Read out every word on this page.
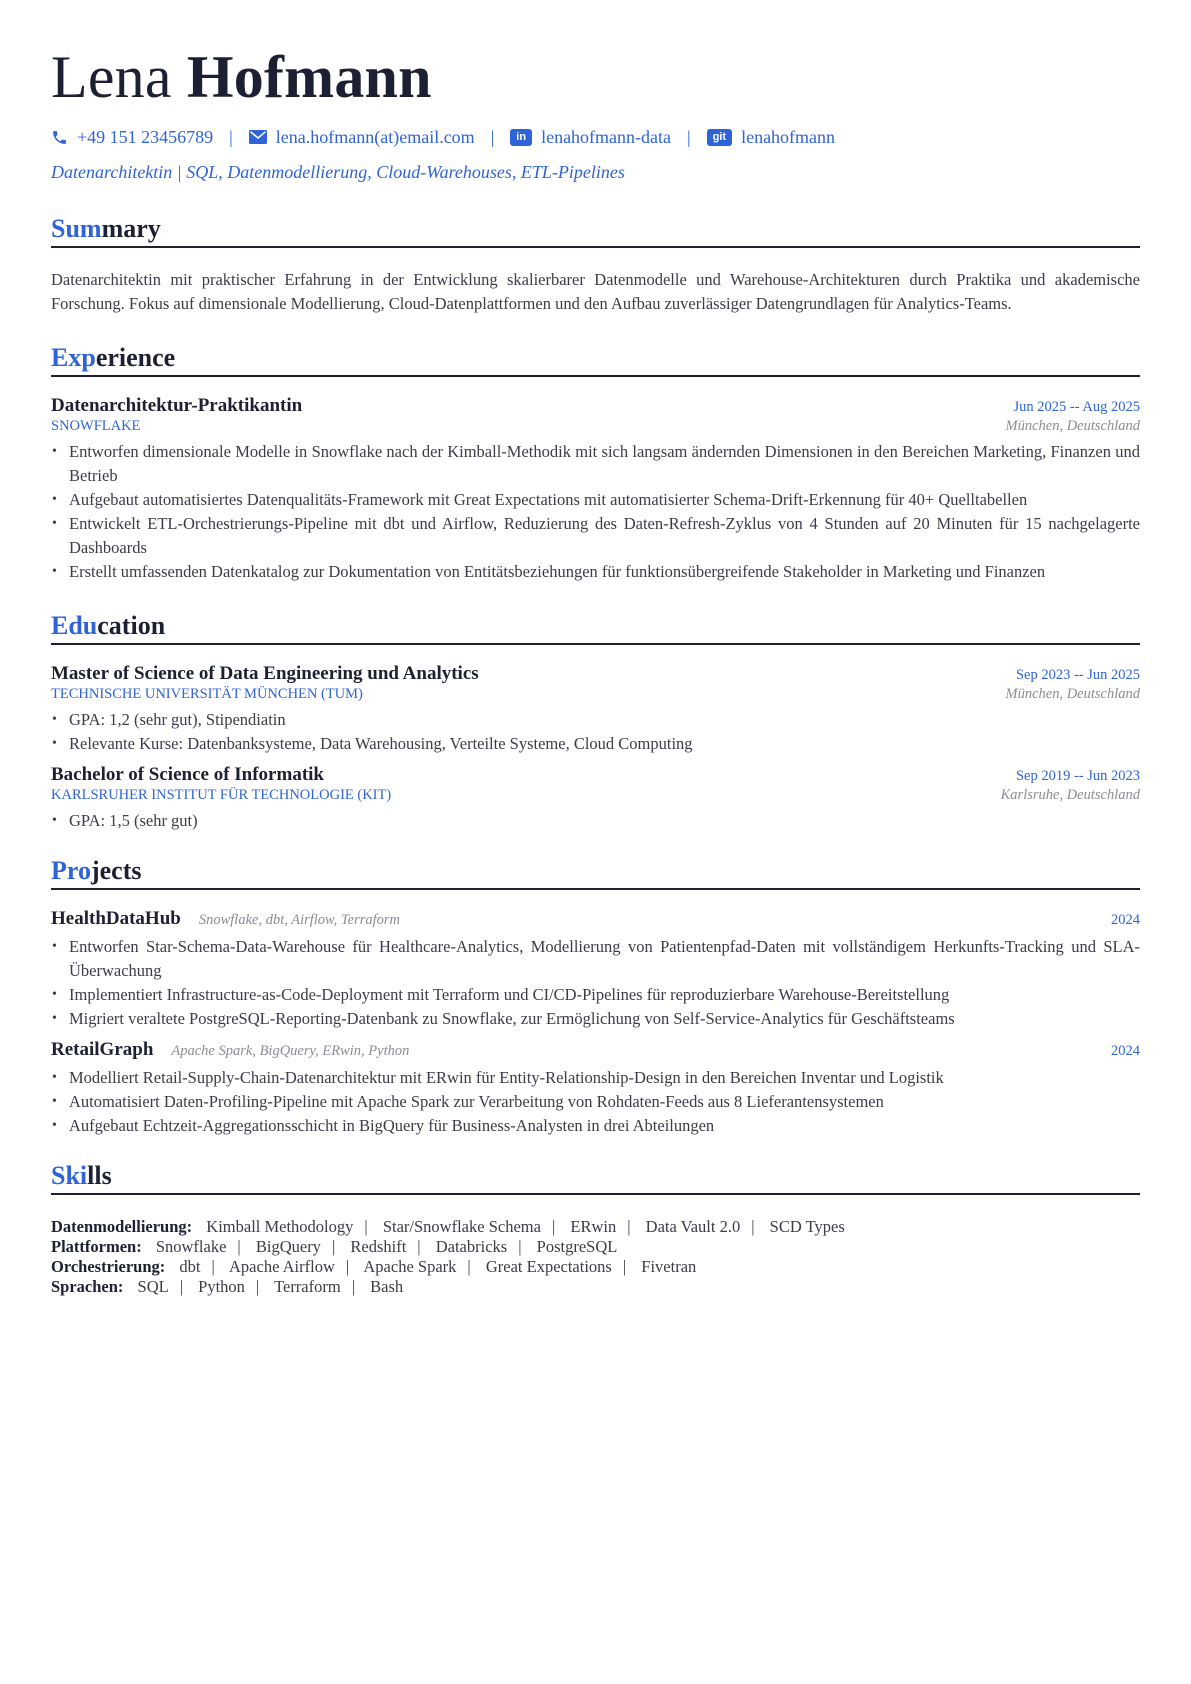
Lena Hofmann
+49 151 23456789 | lena.hofmann(at)email.com |	in lenahofmann-data |	git lenahofmann
Datenarchitektin | SQL, Datenmodellierung, Cloud-Warehouses, ETL-Pipelines
Summary
Datenarchitektin mit praktischer Erfahrung in der Entwicklung skalierbarer Datenmodelle und Warehouse-Architekturen durch Praktika und akademische Forschung. Fokus auf dimensionale Modellierung, Cloud-Datenplattformen und den Aufbau zuverlässiger Datengrundlagen für Analytics-Teams.
Experience
Datenarchitektur-Praktikantin	Jun 2025 -- Aug 2025
SNOWFLAKE	München, Deutschland
• Entworfen dimensionale Modelle in Snowflake nach der Kimball-Methodik mit sich langsam ändernden Dimensionen in den Bereichen Marketing, Finanzen und Betrieb
• Aufgebaut automatisiertes Datenqualitäts-Framework mit Great Expectations mit automatisierter Schema-Drift-Erkennung für 40+ Quelltabellen
• Entwickelt ETL-Orchestrierungs-Pipeline mit dbt und Airflow, Reduzierung des Daten-Refresh-Zyklus von 4 Stunden auf 20 Minuten für 15 nachgelagerte Dashboards
• Erstellt umfassenden Datenkatalog zur Dokumentation von Entitätsbeziehungen für funktionsübergreifende Stakeholder in Marketing und Finanzen
Education
Master of Science of Data Engineering und Analytics	Sep 2023 -- Jun 2025
TECHNISCHE UNIVERSITÄT MÜNCHEN (TUM)	München, Deutschland
• GPA: 1,2 (sehr gut), Stipendiatin
• Relevante Kurse: Datenbanksysteme, Data Warehousing, Verteilte Systeme, Cloud Computing
Bachelor of Science of Informatik	Sep 2019 -- Jun 2023
KARLSRUHER INSTITUT FÜR TECHNOLOGIE (KIT)	Karlsruhe, Deutschland
• GPA: 1,5 (sehr gut)
Projects
HealthDataHub Snowflake, dbt, Airflow, Terraform	2024
• Entworfen Star-Schema-Data-Warehouse für Healthcare-Analytics, Modellierung von Patientenpfad-Daten mit vollständigem Herkunfts-Tracking und SLA-Überwachung
• Implementiert Infrastructure-as-Code-Deployment mit Terraform und CI/CD-Pipelines für reproduzierbare Warehouse-Bereitstellung
• Migriert veraltete PostgreSQL-Reporting-Datenbank zu Snowflake, zur Ermöglichung von Self-Service-Analytics für Geschäftsteams
RetailGraph Apache Spark, BigQuery, ERwin, Python	2024
• Modelliert Retail-Supply-Chain-Datenarchitektur mit ERwin für Entity-Relationship-Design in den Bereichen Inventar und Logistik
• Automatisiert Daten-Profiling-Pipeline mit Apache Spark zur Verarbeitung von Rohdaten-Feeds aus 8 Lieferantensystemen
• Aufgebaut Echtzeit-Aggregationsschicht in BigQuery für Business-Analysten in drei Abteilungen
Skills
Datenmodellierung: Kimball Methodology | Star/Snowflake Schema | ERwin | Data Vault 2.0 | SCD Types
Plattformen: Snowflake | BigQuery | Redshift | Databricks | PostgreSQL
Orchestrierung: dbt | Apache Airflow | Apache Spark | Great Expectations | Fivetran
Sprachen: SQL | Python | Terraform | Bash
